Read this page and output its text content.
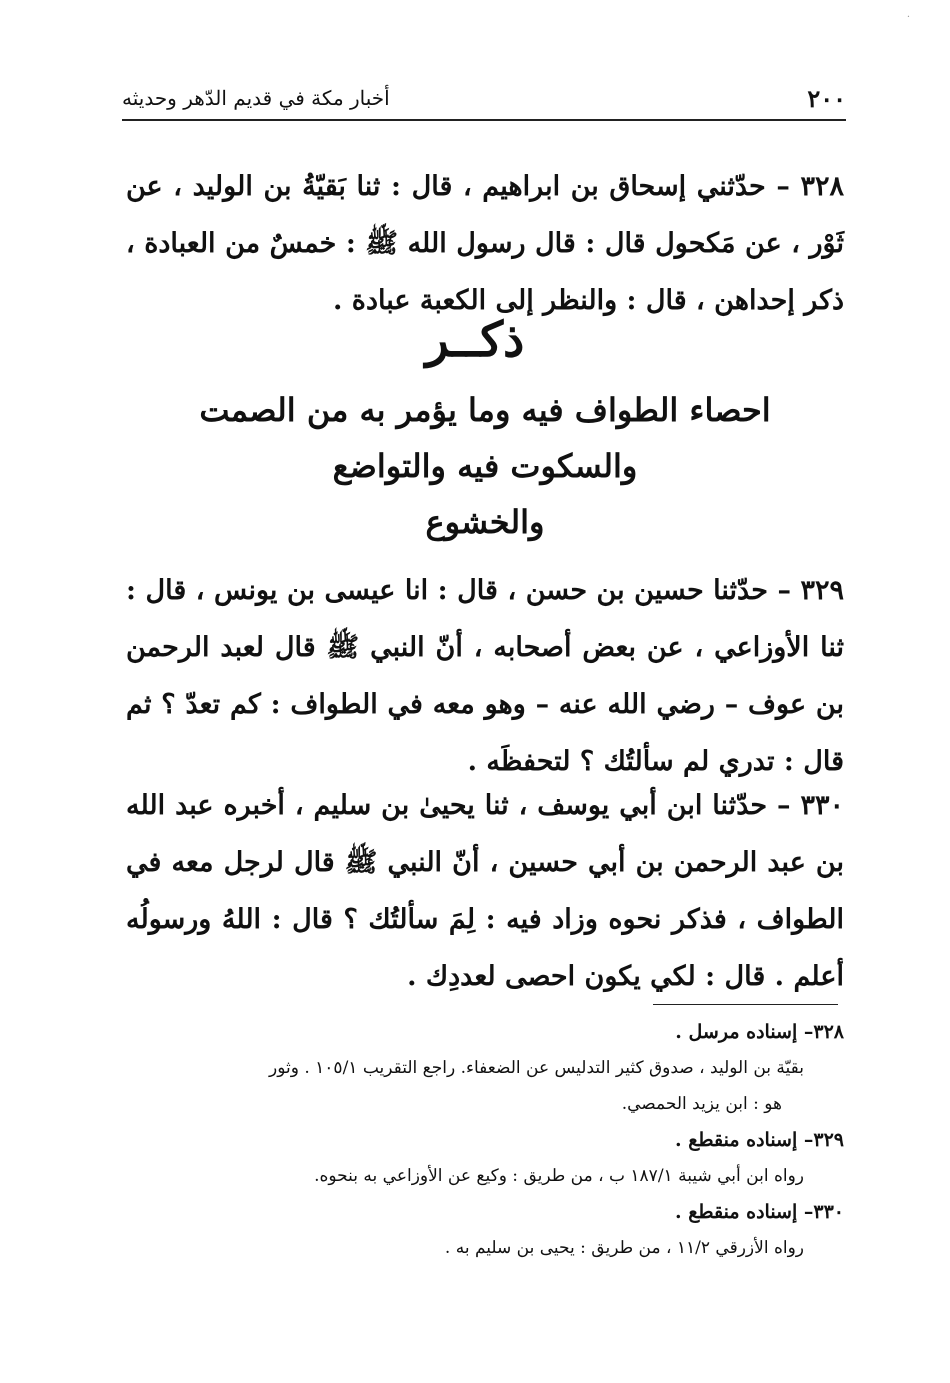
·
٢٠٠
أخبار مكة في قديم الدّهر وحديثه

٣٢٨ – حدّثني إسحاق بن ابراهيم ، قال : ثنا بَقيّةُ بن الوليد ، عن ثَوْر ، عن مَكحول قال : قال رسول الله ﷺ : خمسٌ من العبادة ، ذكر إحداهن ، قال : والنظر إلى الكعبة عبادة .

ذكــر
احصاء الطواف فيه وما يؤمر به من الصمت
والسكوت فيه والتواضع
والخشوع

٣٢٩ – حدّثنا حسين بن حسن ، قال : انا عيسى بن يونس ، قال : ثنا الأوزاعي ، عن بعض أصحابه ، أنّ النبي ﷺ قال لعبد الرحمن بن عوف – رضي الله عنه – وهو معه في الطواف : كم تعدّ ؟ ثم قال : تدري لم سألتُك ؟ لتحفظَه .

٣٣٠ – حدّثنا ابن أبي يوسف ، ثنا يحيىٰ بن سليم ، أخبره عبد الله بن عبد الرحمن بن أبي حسين ، أنّ النبي ﷺ قال لرجل معه في الطواف ، فذكر نحوه وزاد فيه : لِمَ سألتُك ؟ قال : اللهُ ورسولُه أعلم . قال : لكي يكون احصى لعددِك .

٣٢٨– إسناده مرسل .
بقيّة بن الوليد ، صدوق كثير التدليس عن الضعفاء. راجع التقريب ١٠٥/١ . وثور
هو : ابن يزيد الحمصي.
٣٢٩– إسناده منقطع .
رواه ابن أبي شيبة ١٨٧/١ ب ، من طريق : وكيع عن الأوزاعي به بنحوه.
٣٣٠– إسناده منقطع .
رواه الأزرقي ١١/٢ ، من طريق : يحيى بن سليم به .
